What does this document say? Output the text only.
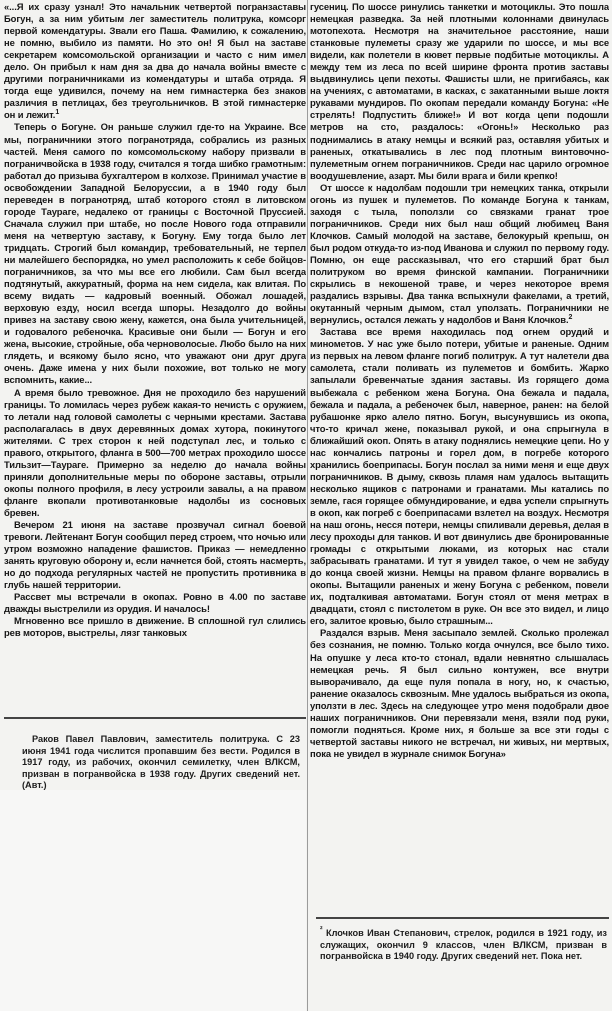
«...Я их сразу узнал! Это начальник четвертой погранзаставы Богун, а за ним убитым лег заместитель политрука, комсорг первой комендатуры. Звали его Паша. Фамилию, к сожалению, не помню, выбило из памяти. Но это он! Я был на заставе секретарем комсомольской организации и часто с ним имел дело. Он прибыл к нам дня за два до начала войны вместе с другими пограничниками из комендатуры и штаба отряда. Я тогда еще удивился, почему на нем гимнастерка без знаков различия в петлицах, без треугольничков. В этой гимнастерке он и лежит.$^1$

Теперь о Богуне. Он раньше служил где-то на Украине. Все мы, пограничники этого погранотряда, собрались из разных частей. Меня самого по комсомольскому набору призвали в пограничвойска в 1938 году, считался я тогда шибко грамотным: работал до призыва бухгалтером в колхозе. Принимал участие в освобождении Западной Белоруссии, а в 1940 году был переведен в погранотряд, штаб которого стоял в литовском городе Таураге, недалеко от границы с Восточной Пруссией. Сначала служил при штабе, но после Нового года отправили меня на четвертую заставу, к Богуну. Ему тогда было лет тридцать. Строгий был командир, требовательный, не терпел ни малейшего беспорядка, но умел расположить к себе бойцов-пограничников, за что мы все его любили. Сам был всегда подтянутый, аккуратный, форма на нем сидела, как влитая. По всему видать — кадровый военный. Обожал лошадей, верховую езду, носил всегда шпоры. Незадолго до войны привез на заставу свою жену, кажется, она была учительницей, и годовалого ребеночка. Красивые они были — Богун и его жена, высокие, стройные, оба черноволосые. Любо было на них глядеть, и всякому было ясно, что уважают они друг друга очень. Даже имена у них были похожие, вот только не могу вспомнить, какие...

А время было тревожное. Дня не проходило без нарушений границы. То ломилась через рубеж какая-то нечисть с оружием, то летали над головой самолеты с черными крестами. Застава располагалась в двух деревянных домах хутора, покинутого жителями. С трех сторон к ней подступал лес, и только с правого, открытого, фланга в 500—700 метрах проходило шоссе Тильзит—Таураге. Примерно за неделю до начала войны приняли дополнительные меры по обороне заставы, отрыли окопы полного профиля, в лесу устроили завалы, а на правом фланге вкопали противотанковые надолбы из сосновых бревен.

Вечером 21 июня на заставе прозвучал сигнал боевой тревоги. Лейтенант Богун сообщил перед строем, что ночью или утром возможно нападение фашистов. Приказ — немедленно занять круговую оборону и, если начнется бой, стоять насмерть, но до подхода регулярных частей не пропустить противника в глубь нашей территории.

Рассвет мы встречали в окопах. Ровно в 4.00 по заставе дважды выстрелили из орудия. И началось!

Мгновенно все пришло в движение. В сплошной гул слились рев моторов, выстрелы, лязг танковых

гусениц. По шоссе ринулись танкетки и мотоциклы. Это пошла немецкая разведка. За ней плотными колоннами двинулась мотопехота. Несмотря на значительное расстояние, наши станковые пулеметы сразу же ударили по шоссе, и мы все видели, как полетели в кювет первые подбитые мотоциклы. А между тем из леса по всей ширине фронта против заставы выдвинулись цепи пехоты. Фашисты шли, не пригибаясь, как на учениях, с автоматами, в касках, с закатанными выше локтя рукавами мундиров. По окопам передали команду Богуна: «Не стрелять! Подпустить ближе!» И вот когда цепи подошли метров на сто, раздалось: «Огонь!» Несколько раз поднимались в атаку немцы и всякий раз, оставляя убитых и раненых, откатывались в лес под плотным винтовочно-пулеметным огнем пограничников. Среди нас царило огромное воодушевление, азарт. Мы били врага и били крепко!

От шоссе к надолбам подошли три немецких танка, открыли огонь из пушек и пулеметов. По команде Богуна к танкам, заходя с тыла, поползли со связками гранат трое пограничников. Среди них был наш общий любимец Ваня Клочков. Самый молодой на заставе, белокурый крепыш, он был родом откуда-то из-под Иванова и служил по первому году. Помню, он еще рассказывал, что его старший брат был политруком во время финской кампании. Пограничники скрылись в некошеной траве, и через некоторое время раздались взрывы. Два танка вспыхнули факелами, а третий, окутанный черным дымом, стал уползать. Пограничники не вернулись, остался лежать у надолбов и Ваня Клочков.$^2$

Застава все время находилась под огнем орудий и минометов. У нас уже было потери, убитые и раненые. Одним из первых на левом фланге погиб политрук. А тут налетели два самолета, стали поливать из пулеметов и бомбить. Жарко запылали бревенчатые здания заставы. Из горящего дома выбежала с ребенком жена Богуна. Она бежала и падала, бежала и падала, а ребеночек был, наверное, ранен: на белой рубашонке ярко алело пятно. Богун, высунувшись из окопа, что-то кричал жене, показывал рукой, и она спрыгнула в ближайший окоп. Опять в атаку поднялись немецкие цепи. Но у нас кончались патроны и горел дом, в погребе которого хранились боеприпасы. Богун послал за ними меня и еще двух пограничников. В дыму, сквозь пламя нам удалось вытащить несколько ящиков с патронами и гранатами. Мы катались по земле, гася горящее обмундирование, и едва успели спрыгнуть в окоп, как погреб с боеприпасами взлетел на воздух. Несмотря на наш огонь, несся потери, немцы спиливали деревья, делая в лесу проходы для танков. И вот двинулись две бронированные громады с открытыми люками, из которых нас стали забрасывать гранатами. И тут я увидел такое, о чем не забуду до конца своей жизни. Немцы на правом фланге ворвались в окопы. Вытащили раненых и жену Богуна с ребенком, повели их, подталкивая автоматами. Богун стоял от меня метрах в двадцати, стоял с пистолетом в руке. Он все это видел, и лицо его, залитое кровью, было страшным...

Раздался взрыв. Меня засыпало землей. Сколько пролежал без сознания, не помню. Только когда очнулся, все было тихо. На опушке у леса кто-то стонал, вдали невнятно слышалась немецкая речь. Я был сильно контужен, все внутри выворачивало, да еще пуля попала в ногу, но, к счастью, ранение оказалось сквозным. Мне удалось выбраться из окопа, уползти в лес. Здесь на следующее утро меня подобрали двое наших пограничников. Они перевязали меня, взяли под руки, помогли подняться. Кроме них, я больше за все эти годы с четвертой заставы никого не встречал, ни живых, ни мертвых, пока не увидел в журнале снимок Богуна»

Раков Павел Павлович, заместитель политрука. С 23 июня 1941 года числится пропавшим без вести. Родился в 1917 году, из рабочих, окончил семилетку, член ВЛКСМ, призван в погранвойска в 1938 году. Других сведений нет. (Авт.)

$^{^2}$ Клочков Иван Степанович, стрелок, родился в 1921 году, из служащих, окончил 9 классов, член ВЛКСМ, призван в погранвойска в 1940 году. Других сведений нет. Пока нет.
